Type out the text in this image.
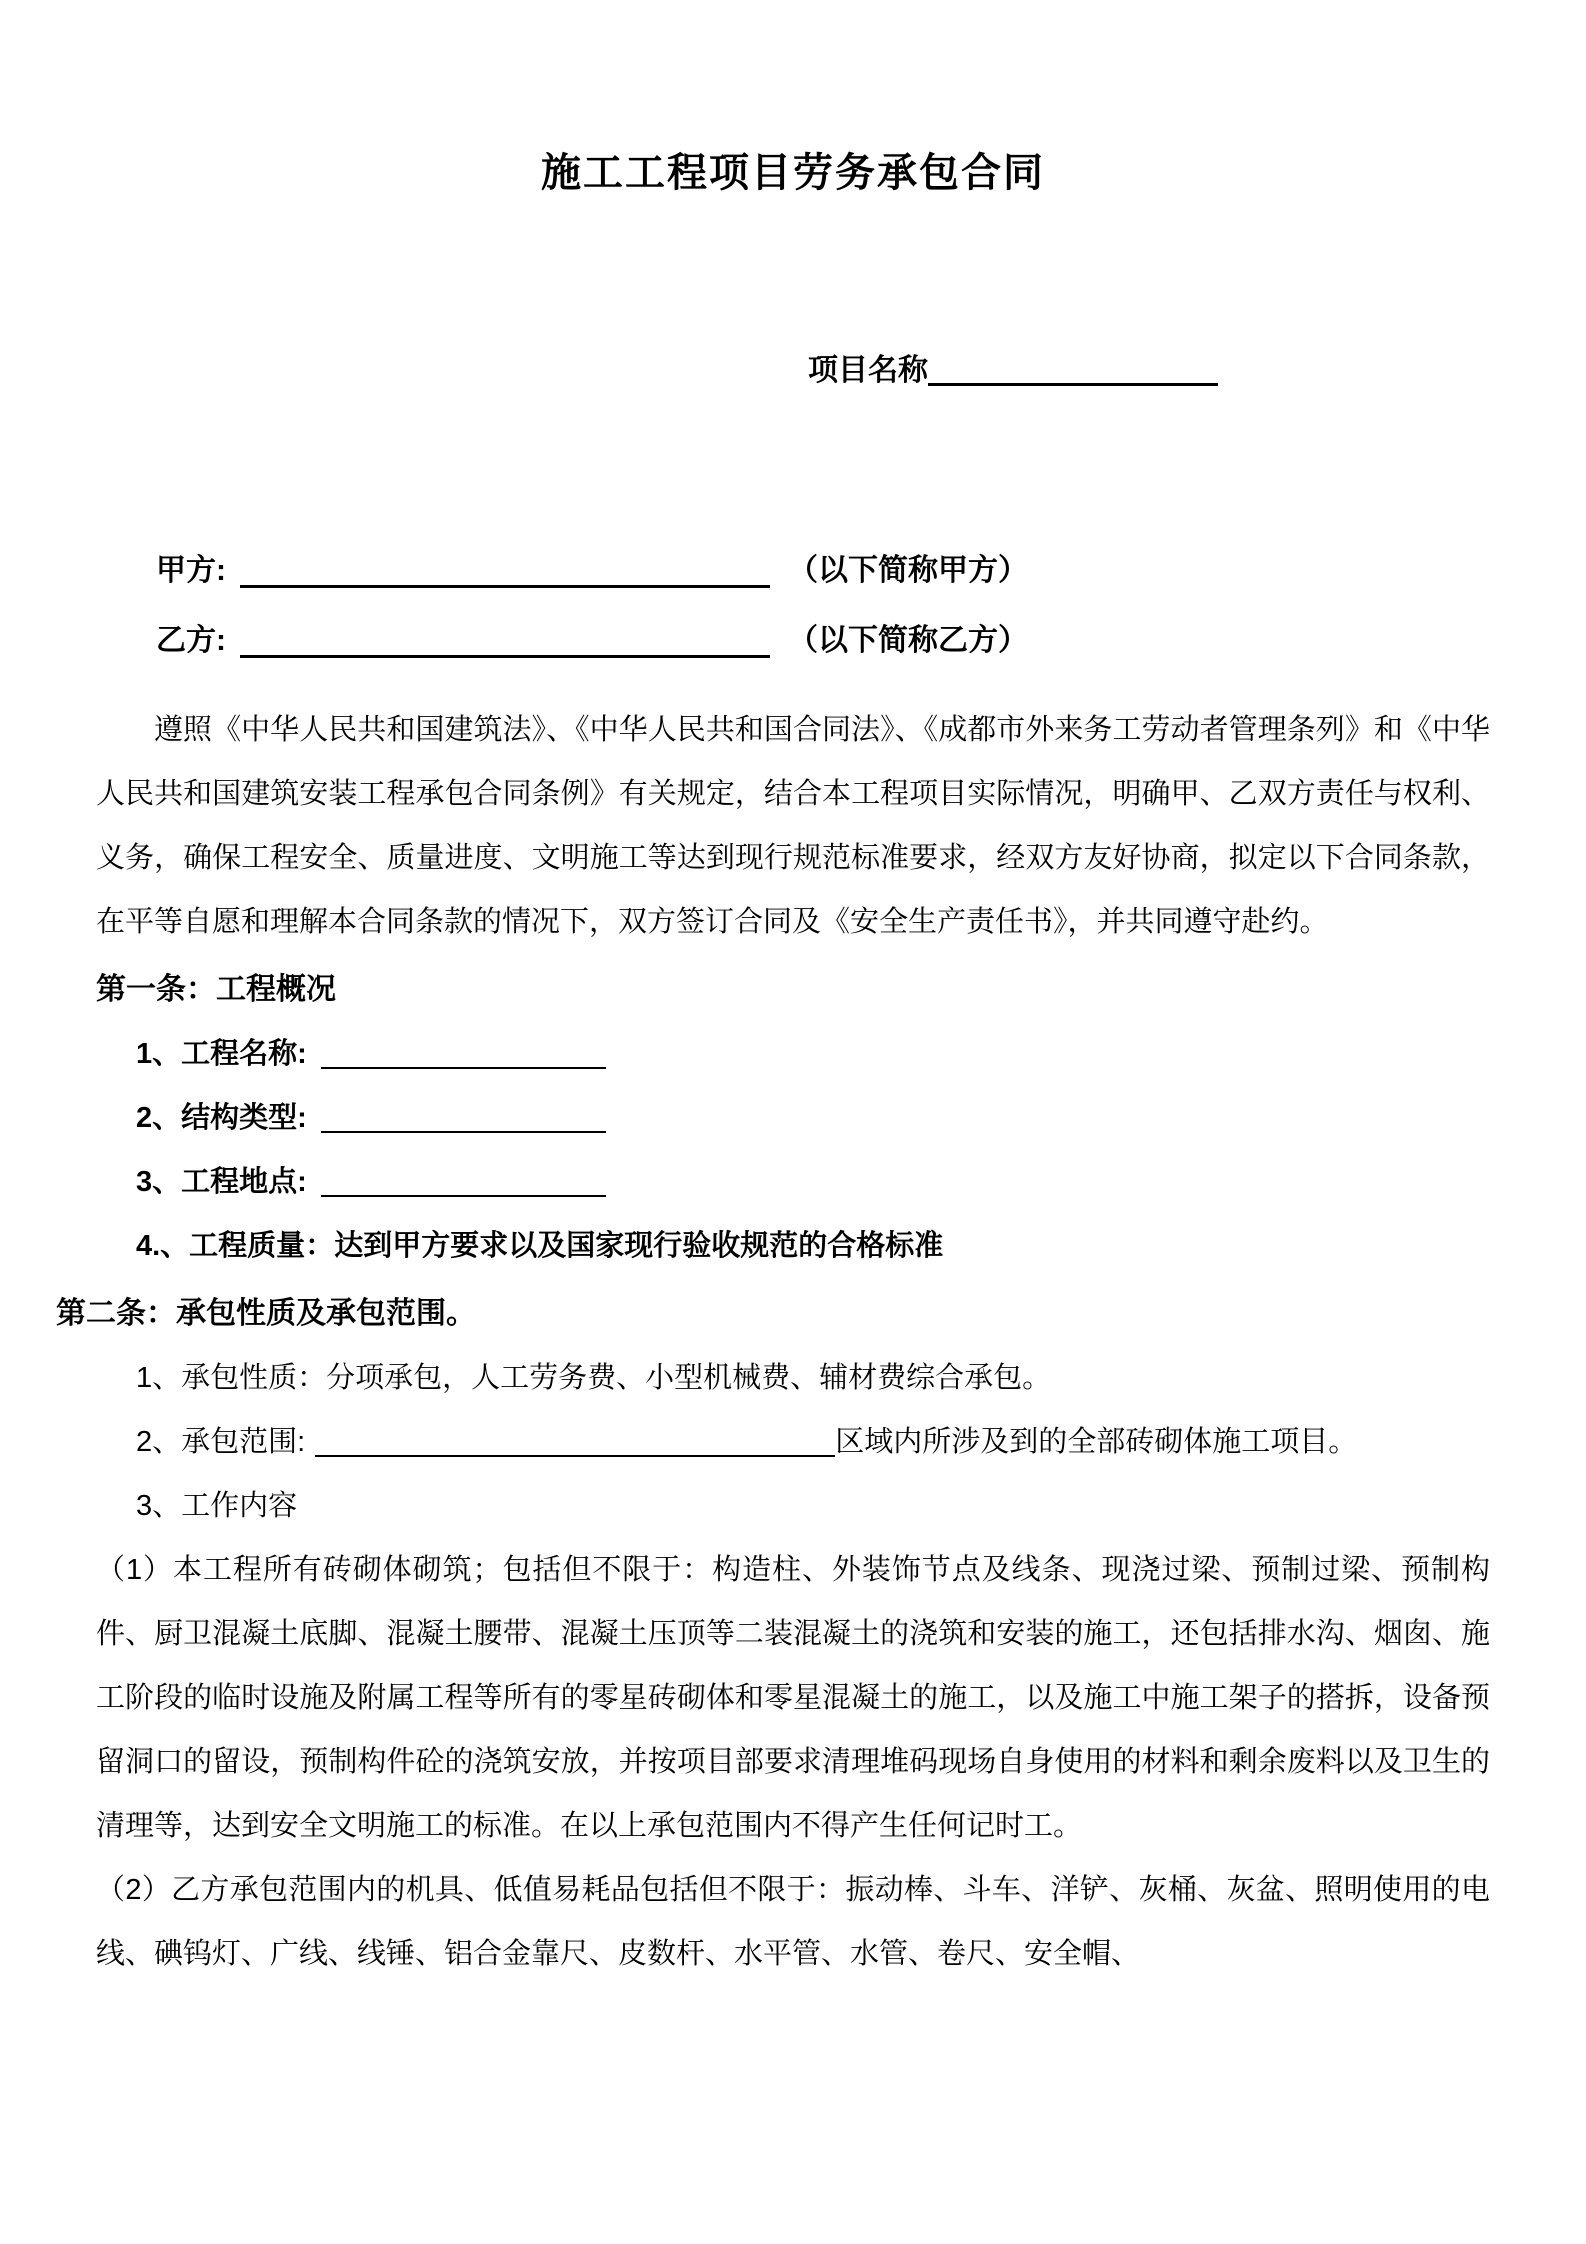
施工工程项目劳务承包合同
项目名称
甲方:	（以下简称甲方）
乙方:	（以下简称乙方）

遵照《中华人民共和国建筑法》、《中华人民共和国合同法》、《成都市外来务工劳动者管理条列》和《中华人民共和国建筑安装工程承包合同条例》有关规定，结合本工程项目实际情况，明确甲、乙双方责任与权利、义务，确保工程安全、质量进度、文明施工等达到现行规范标准要求，经双方友好协商，拟定以下合同条款，在平等自愿和理解本合同条款的情况下，双方签订合同及《安全生产责任书》，并共同遵守赴约。

第一条：工程概况
1、工程名称:
2、结构类型:
3、工程地点:
4.、工程质量：达到甲方要求以及国家现行验收规范的合格标准
第二条：承包性质及承包范围。
1、承包性质：分项承包，人工劳务费、小型机械费、辅材费综合承包。
2、承包范围:	区域内所涉及到的全部砖砌体施工项目。
3、工作内容

（1）本工程所有砖砌体砌筑；包括但不限于：构造柱、外装饰节点及线条、现浇过梁、预制过梁、预制构件、厨卫混凝土底脚、混凝土腰带、混凝土压顶等二装混凝土的浇筑和安装的施工，还包括排水沟、烟囱、施工阶段的临时设施及附属工程等所有的零星砖砌体和零星混凝土的施工，以及施工中施工架子的搭拆，设备预留洞口的留设，预制构件砼的浇筑安放，并按项目部要求清理堆码现场自身使用的材料和剩余废料以及卫生的清理等，达到安全文明施工的标准。在以上承包范围内不得产生任何记时工。

（2）乙方承包范围内的机具、低值易耗品包括但不限于：振动棒、斗车、洋铲、灰桶、灰盆、照明使用的电线、碘钨灯、广线、线锤、铝合金靠尺、皮数杆、水平管、水管、卷尺、安全帽、
